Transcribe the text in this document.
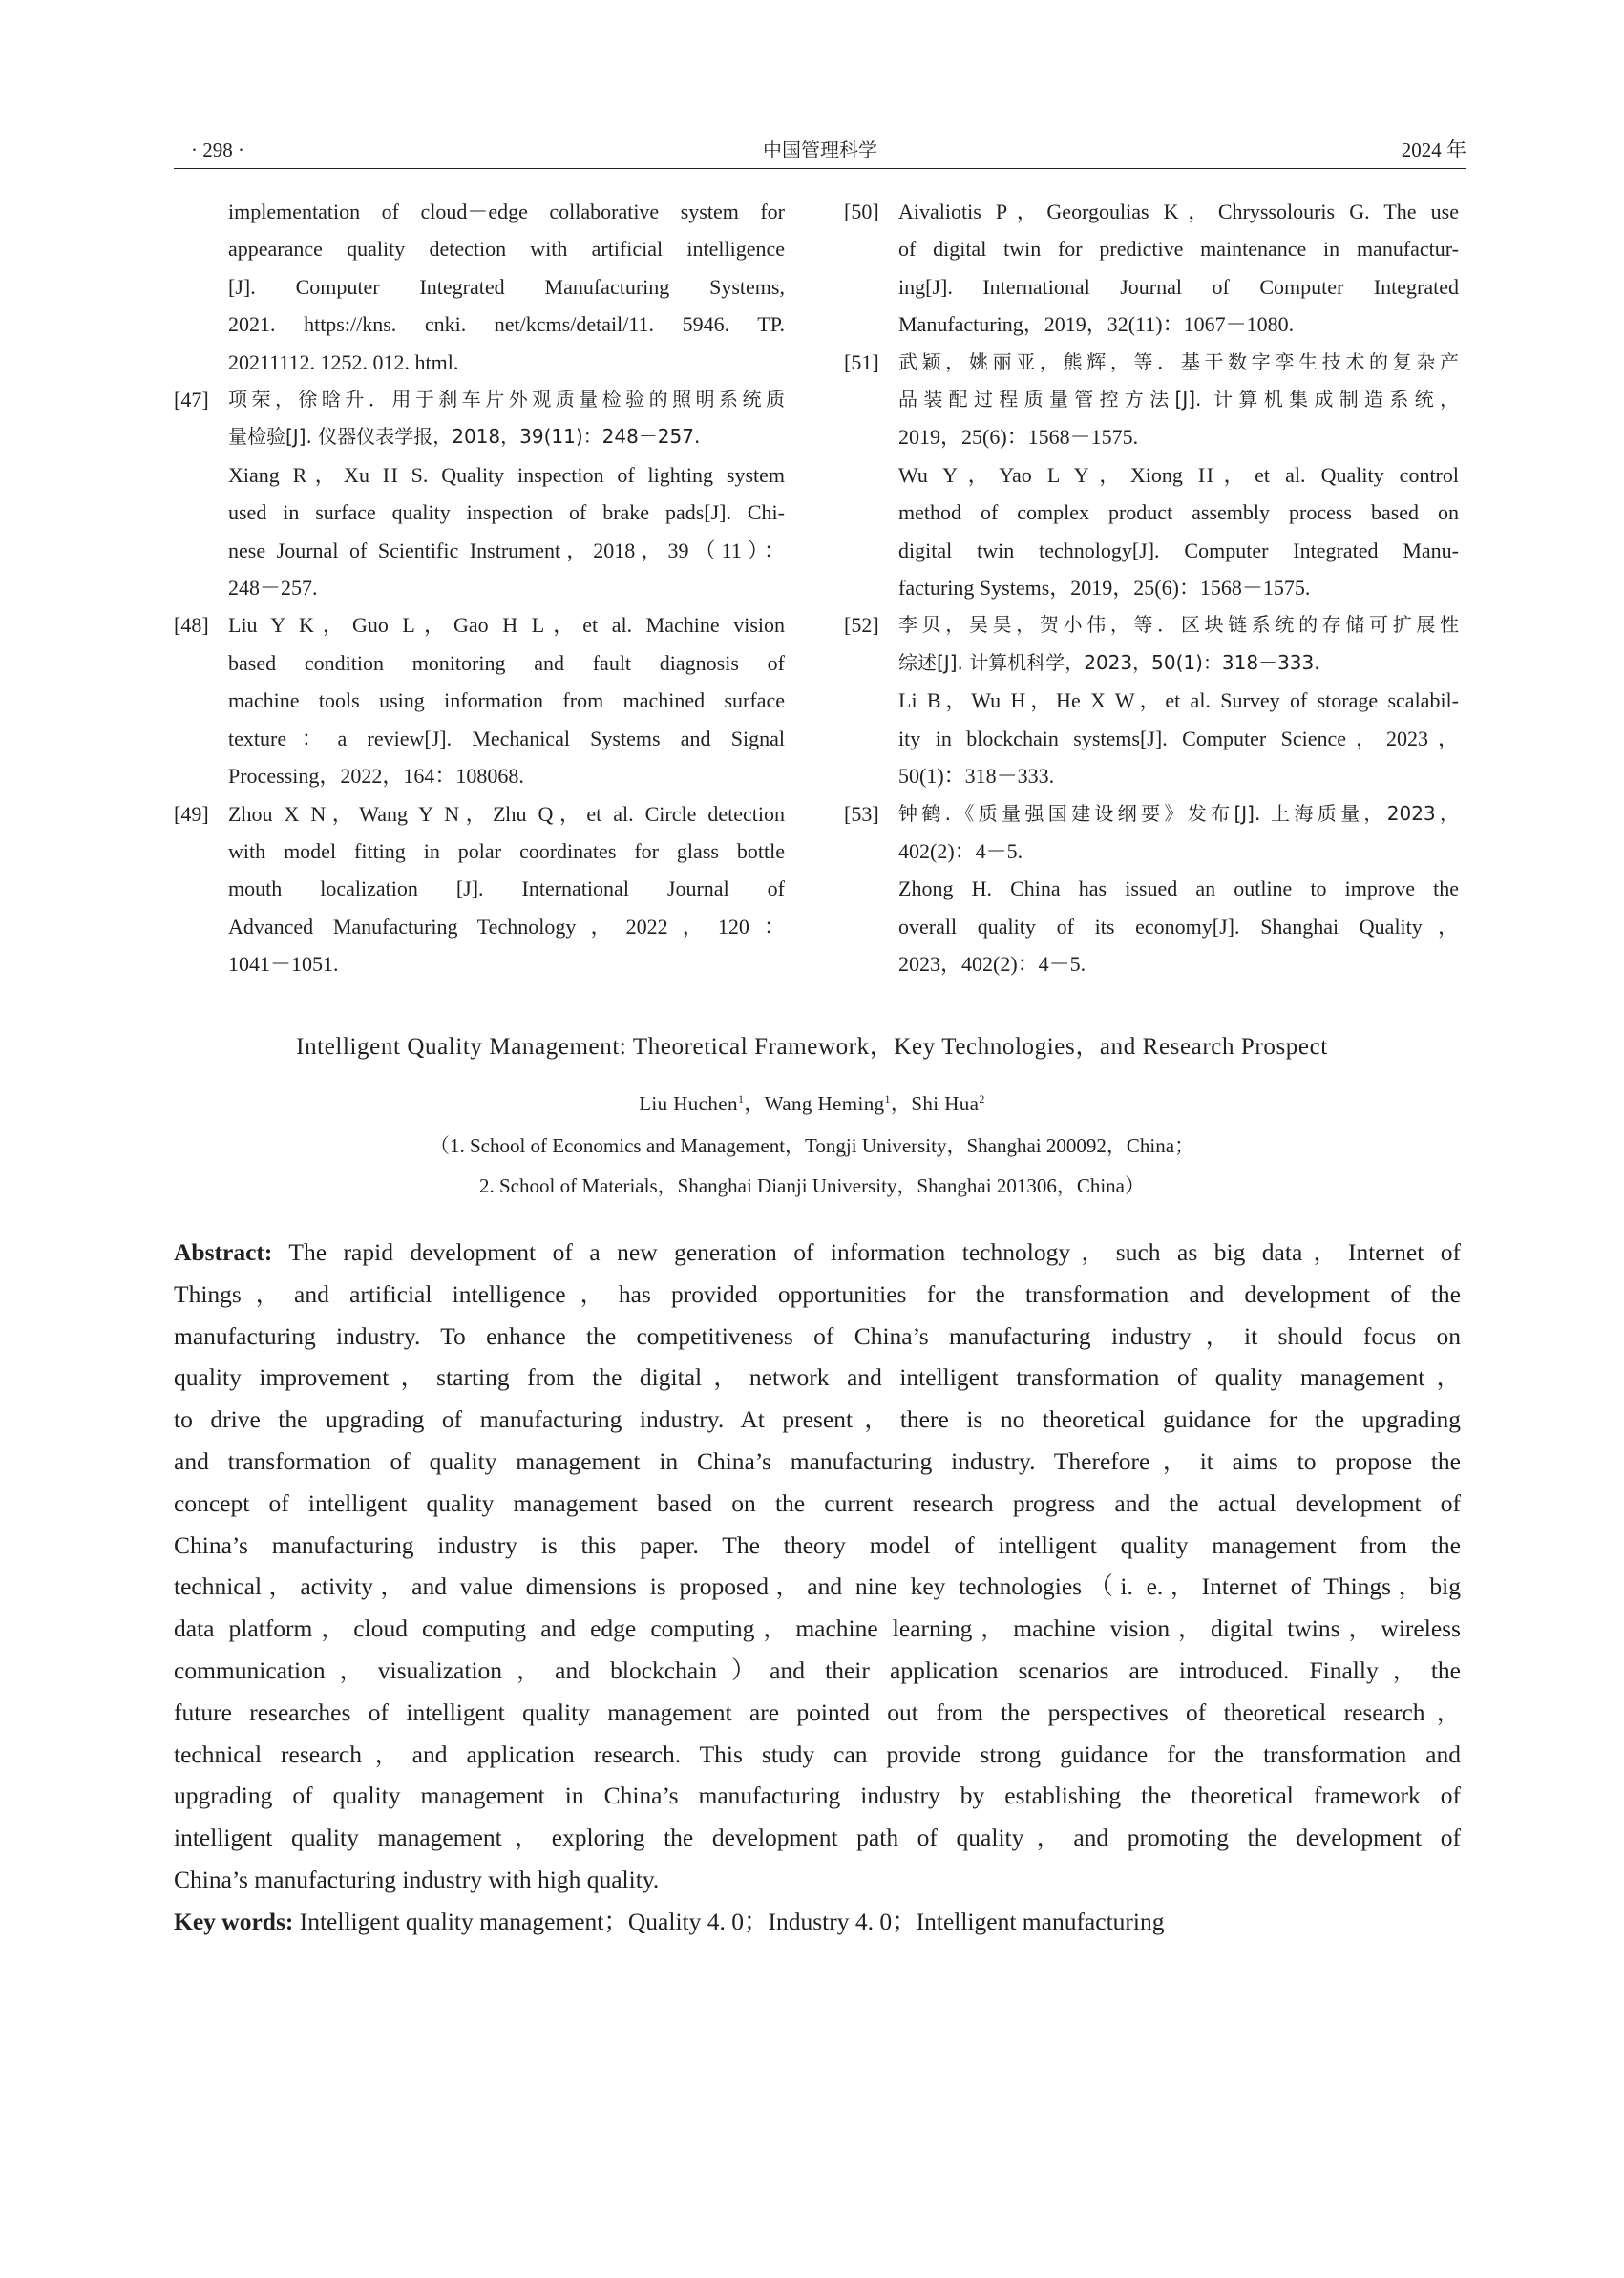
· 298 ·	中国管理科学	2024 年
implementation of cloud－edge collaborative system for
appearance quality detection with artificial intelligence
[J]. Computer Integrated Manufacturing Systems,
2021. https://kns. cnki. net/kcms/detail/11. 5946. TP.
20211112. 1252. 012. html.
[47] 项荣，徐晗升．用于刹车片外观质量检验的照明系统质
量检验[J]. 仪器仪表学报，2018，39(11)：248－257.
Xiang R，Xu H S. Quality inspection of lighting system
used in surface quality inspection of brake pads[J]. Chi-
nese Journal of Scientific Instrument，2018，39（11）：
248－257.
[48] Liu Y K，Guo L，Gao H L，et al. Machine vision
based condition monitoring and fault diagnosis of
machine tools using information from machined surface
texture：a review[J]. Mechanical Systems and Signal
Processing，2022，164：108068.
[49] Zhou X N，Wang Y N，Zhu Q，et al. Circle detection
with model fitting in polar coordinates for glass bottle
mouth localization [J]. International Journal of
Advanced Manufacturing Technology，2022，120：
1041－1051.
[50] Aivaliotis P，Georgoulias K，Chryssolouris G. The use
of digital twin for predictive maintenance in manufactur-
ing[J]. International Journal of Computer Integrated
Manufacturing，2019，32(11)：1067－1080.
[51] 武颖，姚丽亚，熊辉，等．基于数字孪生技术的复杂产
品装配过程质量管控方法[J]. 计算机集成制造系统，
2019，25(6)：1568－1575.
Wu Y，Yao L Y，Xiong H，et al. Quality control
method of complex product assembly process based on
digital twin technology[J]. Computer Integrated Manu-
facturing Systems，2019，25(6)：1568－1575.
[52] 李贝，吴昊，贺小伟，等．区块链系统的存储可扩展性
综述[J]. 计算机科学，2023，50(1)：318－333.
Li B，Wu H，He X W，et al. Survey of storage scalabil-
ity in blockchain systems[J]. Computer Science，2023，
50(1)：318－333.
[53] 钟鹤.《质量强国建设纲要》发布[J]. 上海质量，2023，
402(2)：4－5.
Zhong H. China has issued an outline to improve the
overall quality of its economy[J]. Shanghai Quality，
2023，402(2)：4－5.
Intelligent Quality Management: Theoretical Framework，Key Technologies，and Research Prospect
Liu Huchen$^1$，Wang Heming$^1$，Shi Hua$^2$
（1. School of Economics and Management，Tongji University，Shanghai 200092，China；
2. School of Materials，Shanghai Dianji University，Shanghai 201306，China）
Abstract: The rapid development of a new generation of information technology，such as big data，Internet of
Things，and artificial intelligence，has provided opportunities for the transformation and development of the
manufacturing industry. To enhance the competitiveness of China’s manufacturing industry，it should focus on
quality improvement，starting from the digital，network and intelligent transformation of quality management，
to drive the upgrading of manufacturing industry. At present，there is no theoretical guidance for the upgrading
and transformation of quality management in China’s manufacturing industry. Therefore，it aims to propose the
concept of intelligent quality management based on the current research progress and the actual development of
China’s manufacturing industry is this paper. The theory model of intelligent quality management from the
technical，activity，and value dimensions is proposed，and nine key technologies（i. e.，Internet of Things，big
data platform，cloud computing and edge computing，machine learning，machine vision，digital twins，wireless
communication，visualization，and blockchain）and their application scenarios are introduced. Finally，the
future researches of intelligent quality management are pointed out from the perspectives of theoretical research，
technical research，and application research. This study can provide strong guidance for the transformation and
upgrading of quality management in China’s manufacturing industry by establishing the theoretical framework of
intelligent quality management，exploring the development path of quality，and promoting the development of
China’s manufacturing industry with high quality.
Key words: Intelligent quality management；Quality 4. 0；Industry 4. 0；Intelligent manufacturing
